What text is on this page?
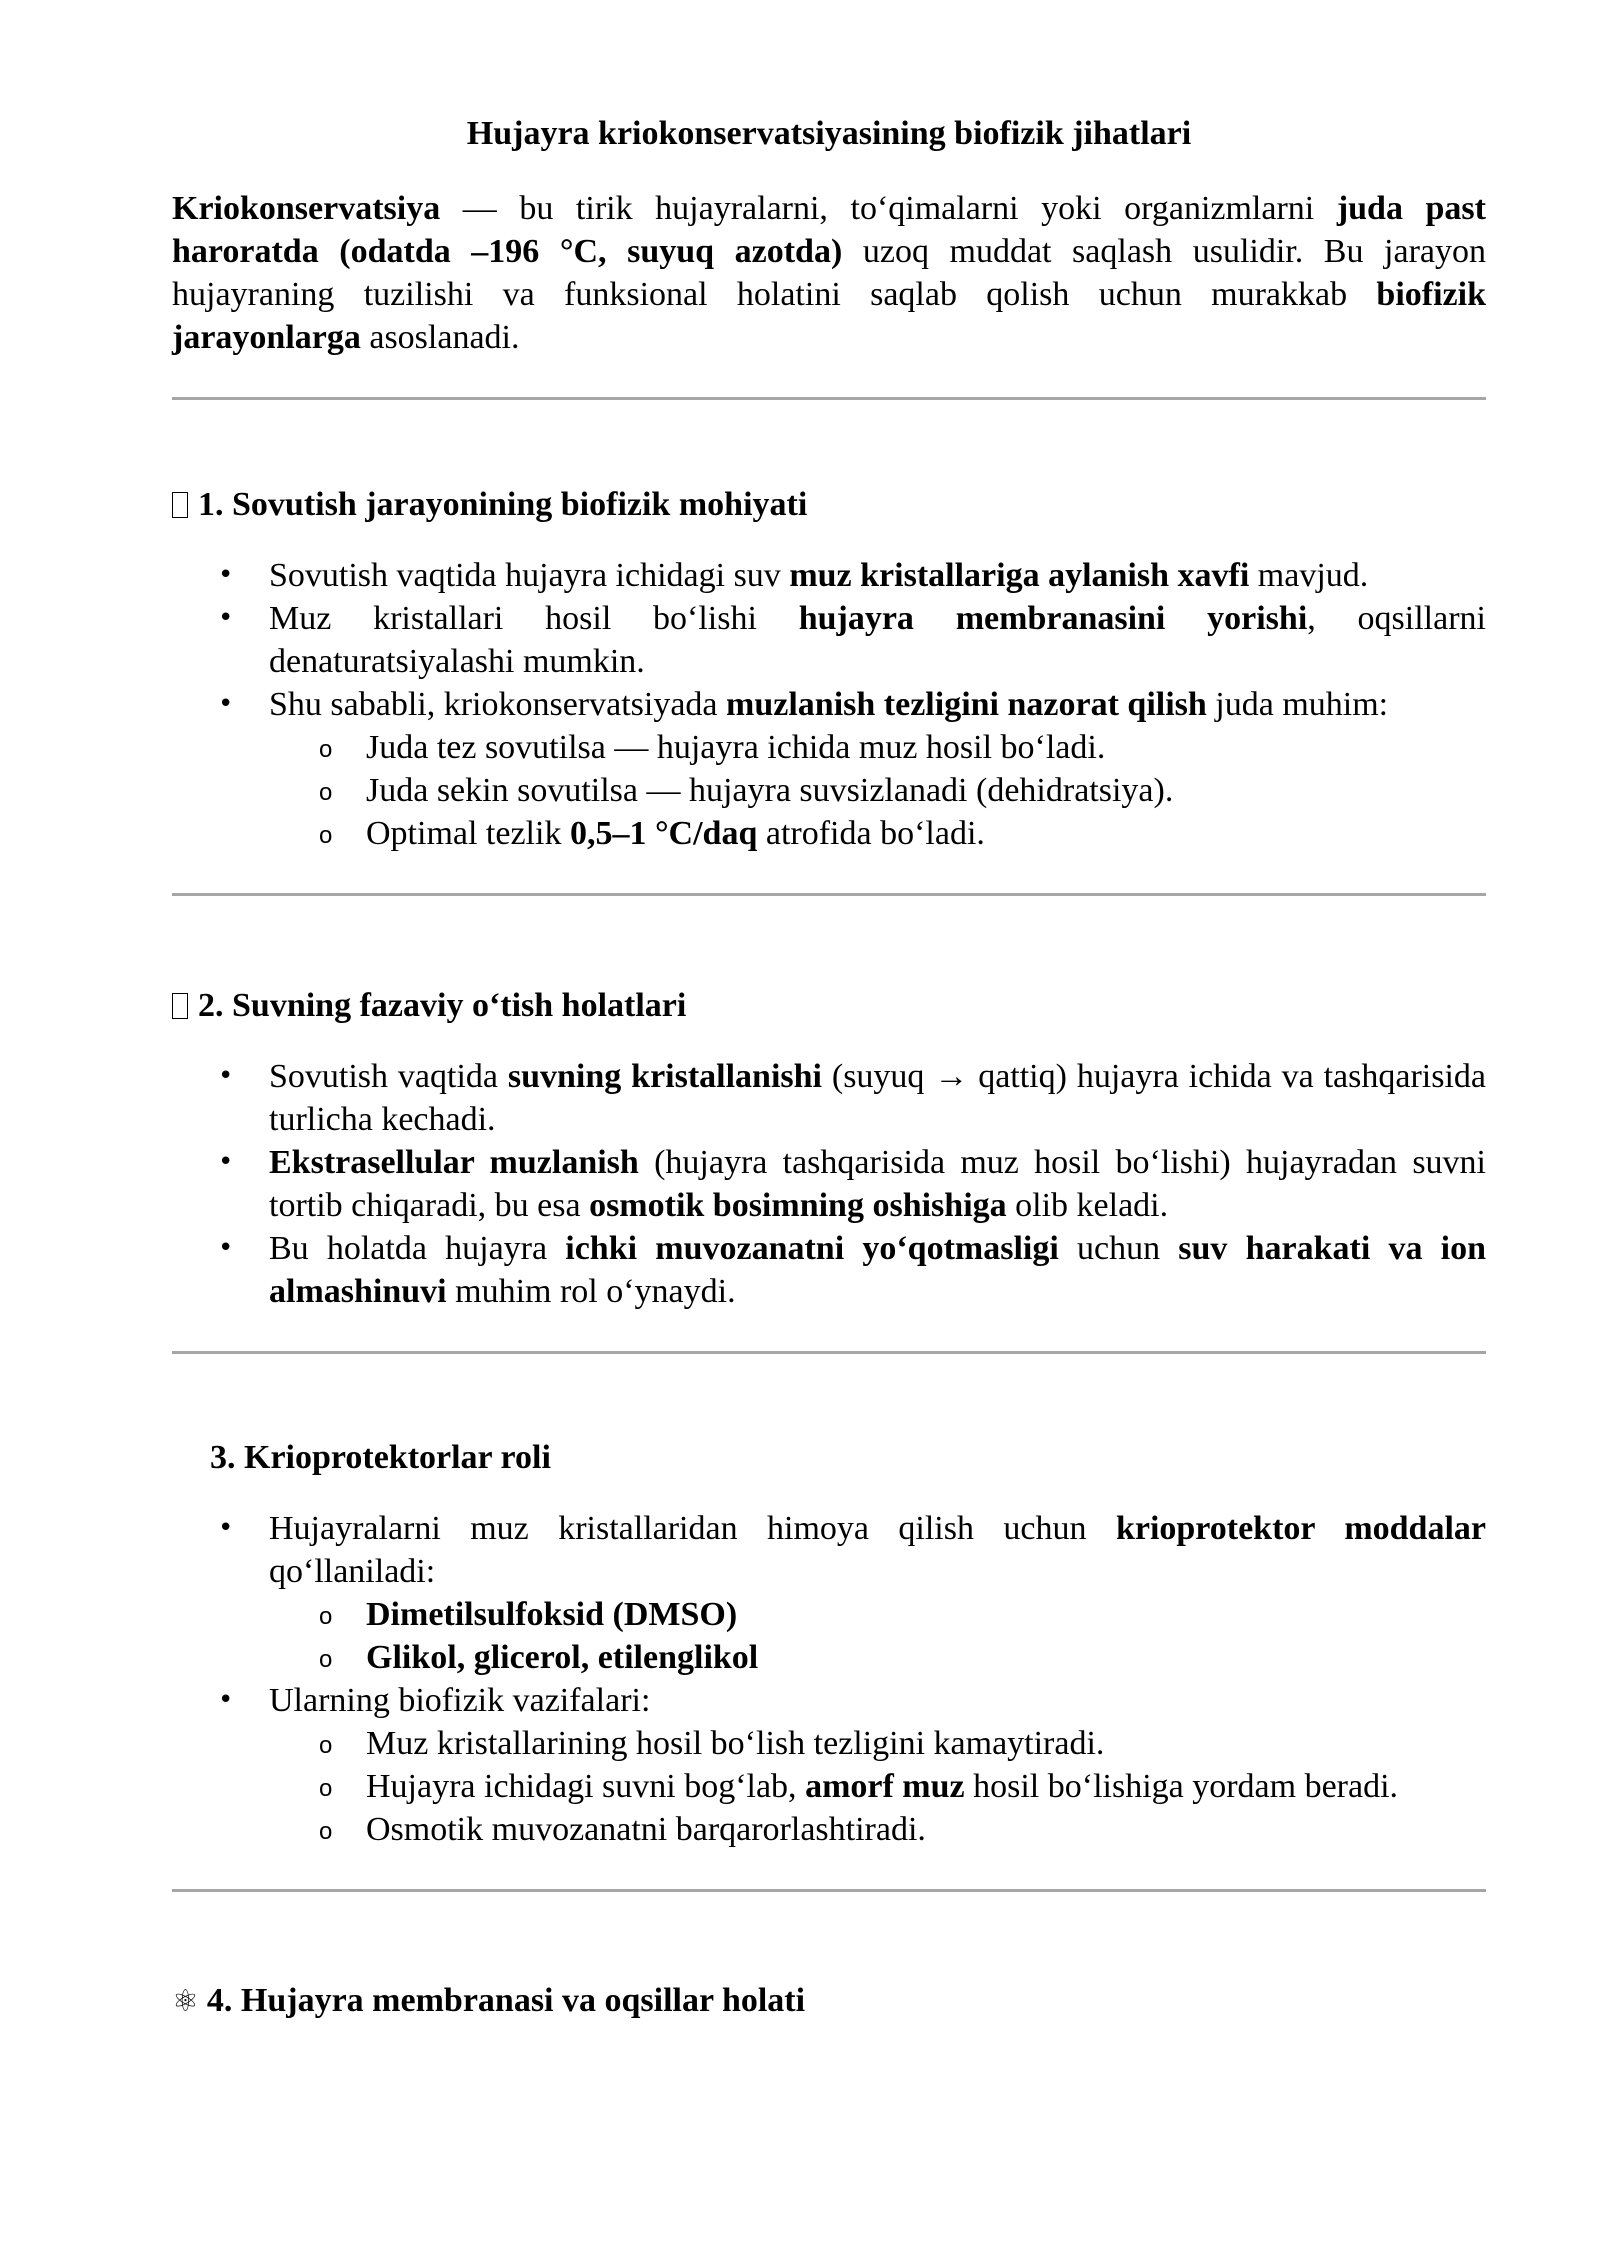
Hujayra kriokonservatsiyasining biofizik jihatlari

Kriokonservatsiya — bu tirik hujayralarni, to‘qimalarni yoki organizmlarni juda past haroratda (odatda –196 °C, suyuq azotda) uzoq muddat saqlash usulidir. Bu jarayon hujayraning tuzilishi va funksional holatini saqlab qolish uchun murakkab biofizik jarayonlarga asoslanadi.

1. Sovutish jarayonining biofizik mohiyati
• Sovutish vaqtida hujayra ichidagi suv muz kristallariga aylanish xavfi mavjud.
• Muz kristallari hosil bo‘lishi hujayra membranasini yorishi, oqsillarni denaturatsiyalashi mumkin.
• Shu sababli, kriokonservatsiyada muzlanish tezligini nazorat qilish juda muhim:
o Juda tez sovutilsa — hujayra ichida muz hosil bo‘ladi.
o Juda sekin sovutilsa — hujayra suvsizlanadi (dehidratsiya).
o Optimal tezlik 0,5–1 °C/daq atrofida bo‘ladi.
2. Suvning fazaviy o‘tish holatlari
• Sovutish vaqtida suvning kristallanishi (suyuq → qattiq) hujayra ichida va tashqarisida turlicha kechadi.
• Ekstrasellular muzlanish (hujayra tashqarisida muz hosil bo‘lishi) hujayradan suvni tortib chiqaradi, bu esa osmotik bosimning oshishiga olib keladi.
• Bu holatda hujayra ichki muvozanatni yo‘qotmasligi uchun suv harakati va ion almashinuvi muhim rol o‘ynaydi.
3. Krioprotektorlar roli
• Hujayralarni muz kristallaridan himoya qilish uchun krioprotektor moddalar qo‘llaniladi:
o Dimetilsulfoksid (DMSO)
o Glikol, glicerol, etilenglikol
• Ularning biofizik vazifalari:
o Muz kristallarining hosil bo‘lish tezligini kamaytiradi.
o Hujayra ichidagi suvni bog‘lab, amorf muz hosil bo‘lishiga yordam beradi.
o Osmotik muvozanatni barqarorlashtiradi.
⚛ 4. Hujayra membranasi va oqsillar holati
